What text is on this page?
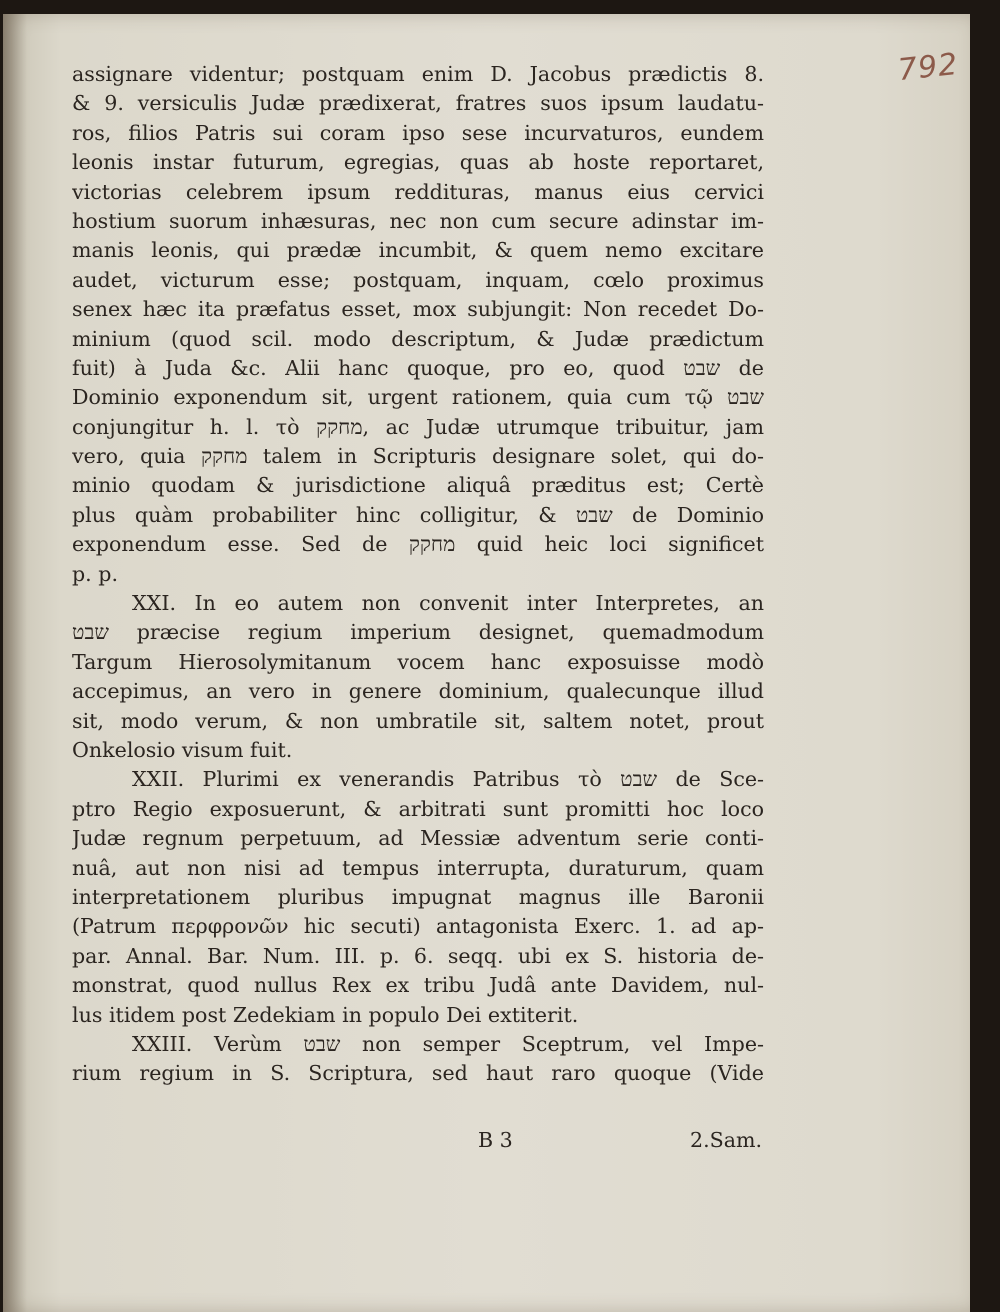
792
assignare videntur; postquam enim D. Jacobus prædictis 8.
& 9. versiculis Judæ prædixerat, fratres suos ipsum laudatu-
ros, filios Patris sui coram ipso sese incurvaturos, eundem
leonis instar futurum, egregias, quas ab hoste reportaret,
victorias celebrem ipsum reddituras, manus eius cervici
hostium suorum inhæsuras, nec non cum secure adinstar im-
manis leonis, qui prædæ incumbit, & quem nemo excitare
audet, victurum esse; postquam, inquam, cœlo proximus
senex hæc ita præfatus esset, mox subjungit: Non recedet Do-
minium (quod scil. modo descriptum, & Judæ prædictum
fuit) à Juda &c. Alii hanc quoque, pro eo, quod שבט de
Dominio exponendum sit, urgent rationem, quia cum τῷ שבט
conjungitur h. l. τὸ מחקק, ac Judæ utrumque tribuitur, jam
vero, quia מחקק talem in Scripturis designare solet, qui do-
minio quodam & jurisdictione aliquâ præditus est; Certè
plus quàm probabiliter hinc colligitur, & שבט de Dominio
exponendum esse. Sed de מחקק quid heic loci significet
p. p.
XXI. In eo autem non convenit inter Interpretes, an
שבט præcise regium imperium designet, quemadmodum
Targum Hierosolymitanum vocem hanc exposuisse modò
accepimus, an vero in genere dominium, qualecunque illud
sit, modo verum, & non umbratile sit, saltem notet, prout
Onkelosio visum fuit.
XXII. Plurimi ex venerandis Patribus τὸ שבט de Sce-
ptro Regio exposuerunt, & arbitrati sunt promitti hoc loco
Judæ regnum perpetuum, ad Messiæ adventum serie conti-
nuâ, aut non nisi ad tempus interrupta, duraturum, quam
interpretationem pluribus impugnat magnus ille Baronii
(Patrum περφρονῶν hic secuti) antagonista Exerc. 1. ad ap-
par. Annal. Bar. Num. III. p. 6. seqq. ubi ex S. historia de-
monstrat, quod nullus Rex ex tribu Judâ ante Davidem, nul-
lus itidem post Zedekiam in populo Dei extiterit.
XXIII. Verùm שבט non semper Sceptrum, vel Impe-
rium regium in S. Scriptura, sed haut raro quoque (Vide
B 3	2.Sam.
